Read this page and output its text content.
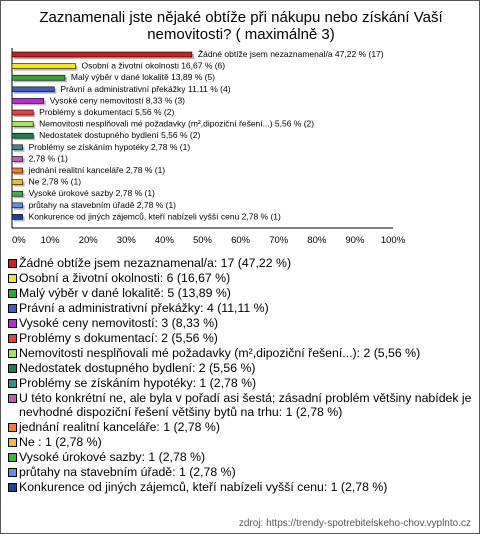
Zaznamenali jste nějaké obtíže při nákupu nebo získání Vaší nemovitosti? ( maximálně 3)
Žádné obtíže jsem nezaznamenal/a 47,22 % (17)
Osobní a životní okolnosti 16,67 % (6)
Malý výběr v dané lokalitě 13,89 % (5)
Právní a administrativní překážky 11,11 % (4)
Vysoké ceny nemovitostí 8,33 % (3)
Problémy s dokumentací 5,56 % (2)
Nemovitosti nesplňovali mé požadavky (m²,dipoziční řešení...) 5,56 % (2)
Nedostatek dostupného bydlení 5,56 % (2)
Problémy se získáním hypotéky 2,78 % (1)
2,78 % (1)
jednání realitní kanceláře 2,78 % (1)
Ne 2,78 % (1)
Vysoké úrokové sazby 2,78 % (1)
průtahy na stavebním úřadě 2,78 % (1)
Konkurence od jiných zájemců, kteří nabízeli vyšší cenu 2,78 % (1)
0% 10% 20% 30% 40% 50% 60% 70% 80% 90% 100%
Žádné obtíže jsem nezaznamenal/a: 17 (47,22 %)
Osobní a životní okolnosti: 6 (16,67 %)
Malý výběr v dané lokalitě: 5 (13,89 %)
Právní a administrativní překážky: 4 (11,11 %)
Vysoké ceny nemovitostí: 3 (8,33 %)
Problémy s dokumentací: 2 (5,56 %)
Nemovitosti nesplňovali mé požadavky (m²,dipoziční řešení...): 2 (5,56 %)
Nedostatek dostupného bydlení: 2 (5,56 %)
Problémy se získáním hypotéky: 1 (2,78 %)
U této konkrétní ne, ale byla v pořadí asi šestá; zásadní problém většiny nabídek je nevhodné dispoziční řešení většiny bytů na trhu: 1 (2,78 %)
jednání realitní kanceláře: 1 (2,78 %)
Ne : 1 (2,78 %)
Vysoké úrokové sazby: 1 (2,78 %)
průtahy na stavebním úřadě: 1 (2,78 %)
Konkurence od jiných zájemců, kteří nabízeli vyšší cenu: 1 (2,78 %)
zdroj: https://trendy-spotrebitelskeho-chov.vyplnto.cz
